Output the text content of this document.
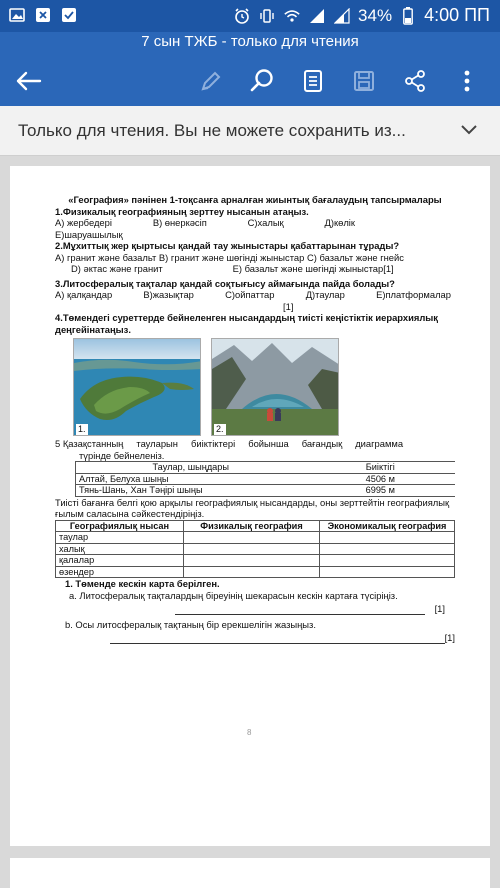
34% 4:00 ПП
7 сын ТЖБ - только для чтения
Только для чтения. Вы не можете сохранить из...

«География» пәнінен 1-тоқсанға арналған жиынтық бағалаудың тапсырмалары

1.Физикалық географияның зерттеу нысанын атаңыз.

А) жербедері	В) өнеркәсіп	С)халық	Д)көлік

Е)шаруашылық

2.Мұхиттық жер қыртысы қандай тау жыныстары қабаттарынан тұрады?

А) гранит және базальт В) гранит және шөгінді жыныстар С) базальт және гнейс

D) әктас және гранит	Е) базальт және шөгінді жыныстар[1]

3.Литосфералық тақталар қандай соқтығысу аймағында пайда болады?

А) қалқандар	В)жазықтар	С)ойпаттар	Д)таулар	Е)платформалар

[1]

4.Төмендегі суреттерде бейнеленген нысандардың тиісті кеңістіктік иерархиялық деңгейінатаңыз.

1.	2.

5 Қазақстанның     тауларын     биіктіктері     бойынша     бағандық     диаграмма

түрінде бейнеленіз.

Таулар, шыңдары	Биіктігі
Алтай, Белуха шыңы	4506 м
Тянь-Шань, Хан Тәңірі шыңы	6995 м

Тиісті бағанға белгі қою арқылы географиялық нысандарды, оны зерттейтін географиялық ғылым саласына сәйкестендіріңіз.

Географиялық нысан	Физикалық география	Экономикалық география
таулар		
халық		
қалалар		
өзендер		

1. Төменде кескін карта берілген.

a. Литосфералық тақталардың біреуінің шекарасын кескін картаға түсіріңіз.

[1]

b. Осы литосфералық тақтаның бір ерекшелігін жазыңыз.

[1]
8
